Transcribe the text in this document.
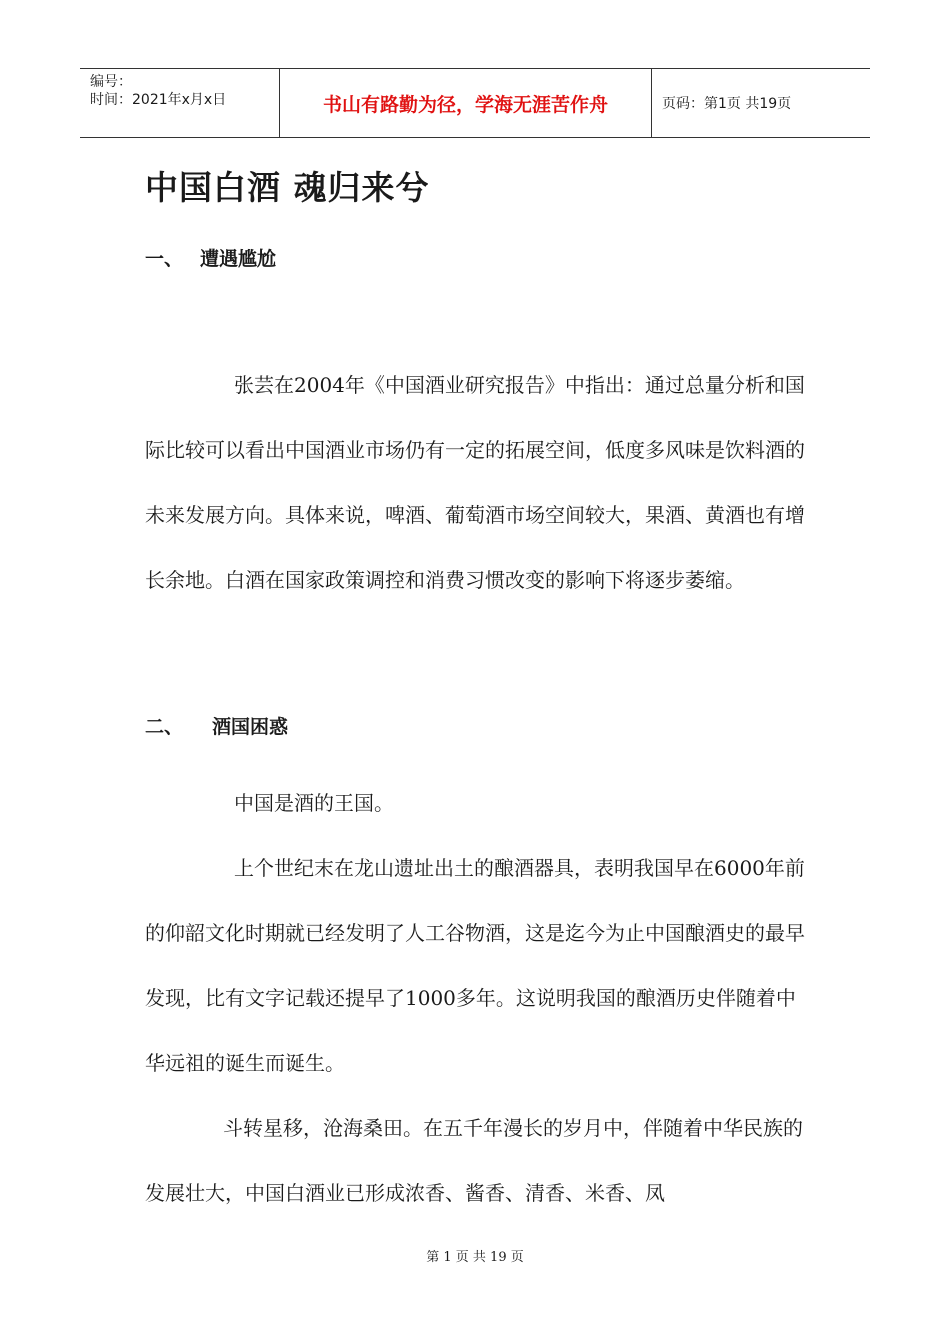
编号：
时间：2021年x月x日	书山有路勤为径，学海无涯苦作舟	页码：第1页 共19页
中国白酒 魂归来兮
一、 遭遇尴尬

张芸在2004年《中国酒业研究报告》中指出：通过总量分析和国际比较可以看出中国酒业市场仍有一定的拓展空间，低度多风味是饮料酒的未来发展方向。具体来说，啤酒、葡萄酒市场空间较大，果酒、黄酒也有增长余地。白酒在国家政策调控和消费习惯改变的影响下将逐步萎缩。

二、	酒国困惑

中国是酒的王国。

上个世纪末在龙山遗址出土的酿酒器具，表明我国早在6000年前的仰韶文化时期就已经发明了人工谷物酒，这是迄今为止中国酿酒史的最早发现，比有文字记载还提早了1000多年。这说明我国的酿酒历史伴随着中华远祖的诞生而诞生。

斗转星移，沧海桑田。在五千年漫长的岁月中，伴随着中华民族的发展壮大，中国白酒业已形成浓香、酱香、清香、米香、凤

第 1 页 共 19 页
